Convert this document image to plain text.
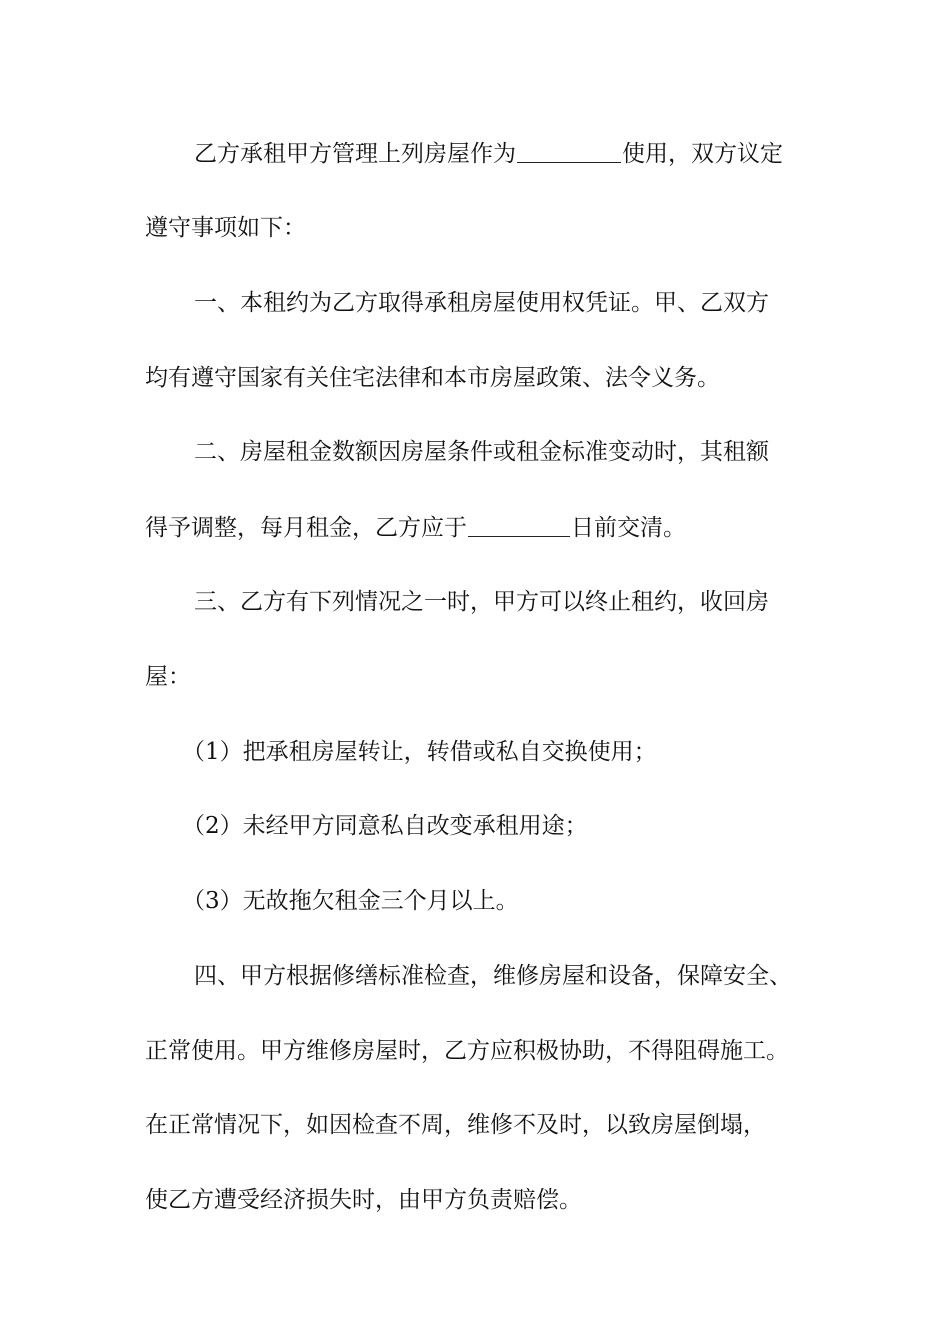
乙方承租甲方管理上列房屋作为	使用，双方议定
遵守事项如下：
一、本租约为乙方取得承租房屋使用权凭证。甲、乙双方
均有遵守国家有关住宅法律和本市房屋政策、法令义务。
二、房屋租金数额因房屋条件或租金标准变动时，其租额
得予调整，每月租金，乙方应于	日前交清。
三、乙方有下列情况之一时，甲方可以终止租约，收回房
屋：
（1）把承租房屋转让，转借或私自交换使用；
（2）未经甲方同意私自改变承租用途；
（3）无故拖欠租金三个月以上。
四、甲方根据修缮标准检查，维修房屋和设备，保障安全、
正常使用。甲方维修房屋时，乙方应积极协助，不得阻碍施工。
在正常情况下，如因检查不周，维修不及时，以致房屋倒塌，
使乙方遭受经济损失时，由甲方负责赔偿。
